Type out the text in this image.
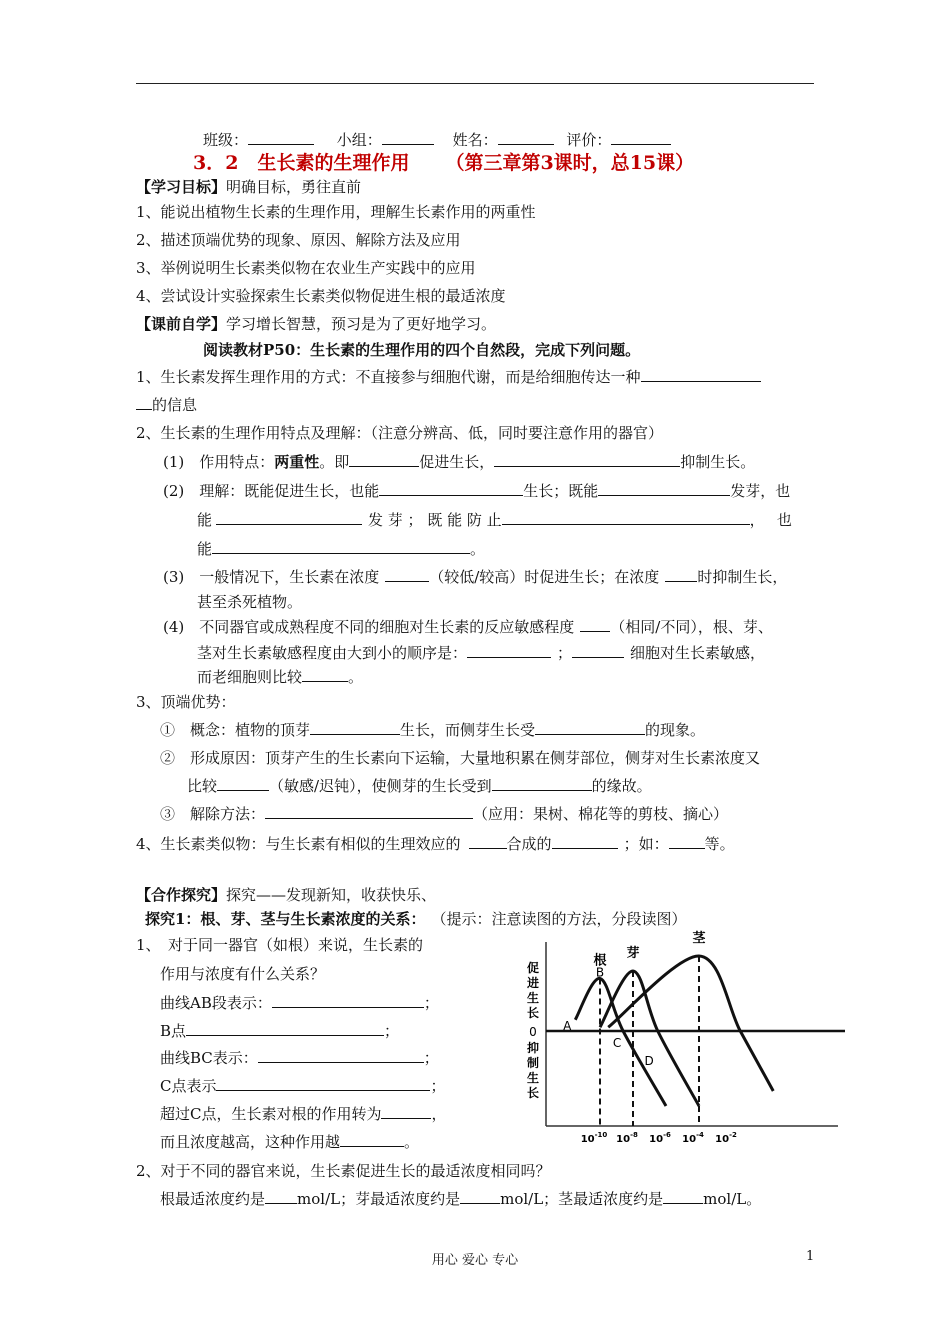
班级：	小组：	姓名：	评价：
3．2　生长素的生理作用 （第三章第3课时，总15课）
【学习目标】明确目标，勇往直前
1、能说出植物生长素的生理作用，理解生长素作用的两重性
2、描述顶端优势的现象、原因、解除方法及应用
3、举例说明生长素类似物在农业生产实践中的应用
4、尝试设计实验探索生长素类似物促进生根的最适浓度
【课前自学】学习增长智慧，预习是为了更好地学习。
阅读教材P50：生长素的生理作用的四个自然段，完成下列问题。
1、生长素发挥生理作用的方式：不直接参与细胞代谢，而是给细胞传达一种
的信息
2、生长素的生理作用特点及理解：（注意分辨高、低，同时要注意作用的器官）
(1)　作用特点：两重性。即	促进生长，	抑制生长。
(2)　理解：既能促进生长，也能	生长；既能	发芽，也
能	发 芽 ； 既 能 防 止	，　 也
能	。
(3)　一般情况下，生长素在浓度	（较低/较高）时促进生长；在浓度	时抑制生长，
甚至杀死植物。
(4)　不同器官或成熟程度不同的细胞对生长素的反应敏感程度 （相同/不同），根、芽、
茎对生长素敏感程度由大到小的顺序是：	；	细胞对生长素敏感，
而老细胞则比较	。
3、顶端优势：
①　概念：植物的顶芽	生长，而侧芽生长受	的现象。
②　形成原因：顶芽产生的生长素向下运输，大量地积累在侧芽部位，侧芽对生长素浓度又
比较	（敏感/迟钝），使侧芽的生长受到	的缘故。
③　解除方法：	（应用：果树、棉花等的剪枝、摘心）
4、生长素类似物：与生长素有相似的生理效应的	合成的	；如： 等。
【合作探究】探究——发现新知，收获快乐、
探究1：根、芽、茎与生长素浓度的关系： （提示：注意读图的方法，分段读图）
1、　对于同一器官（如根）来说，生长素的
作用与浓度有什么关系？
曲线AB段表示：	；
B点	；
曲线BC表示：	；
C点表示	；
超过C点，生长素对根的作用转为	，
而且浓度越高，这种作用越	。
2、对于不同的器官来说，生长素促进生长的最适浓度相同吗？
根最适浓度约是 mol/L；芽最适浓度约是	mol/L；茎最适浓度约是	mol/L。
促
进
生
长
0
抑
制
生
长
根 芽
茎
$10^{-10}$ $10^{-8}$ $10^{-6}$ $10^{-4}$ $10^{-2}$
A
B
C
D
用心 爱心 专心	1
